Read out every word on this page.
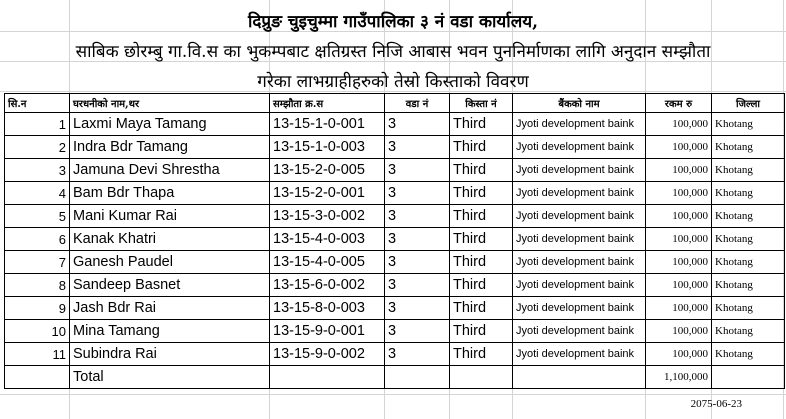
दिप्रुङ चुइचुम्मा गाउँपालिका ३ नं वडा कार्यालय,
साबिक छोरम्बु गा.वि.स का भुकम्पबाट क्षतिग्रस्त निजि आबास भवन पुननिर्माणका लागि अनुदान सम्झौता
गरेका लाभग्राहीहरुको तेस्रो किस्ताको विवरण
सि.न	घरधनीको नाम,थर	सम्झौता क्र.स	वडा नं	किस्ता नं	बैंकको नाम	रकम रु	जिल्ला
1	Laxmi Maya Tamang	13-15-1-0-001	3	Third	Jyoti development baink	100,000	Khotang
2	Indra Bdr Tamang	13-15-1-0-003	3	Third	Jyoti development baink	100,000	Khotang
3	Jamuna Devi Shrestha	13-15-2-0-005	3	Third	Jyoti development baink	100,000	Khotang
4	Bam Bdr Thapa	13-15-2-0-001	3	Third	Jyoti development baink	100,000	Khotang
5	Mani Kumar Rai	13-15-3-0-002	3	Third	Jyoti development baink	100,000	Khotang
6	Kanak Khatri	13-15-4-0-003	3	Third	Jyoti development baink	100,000	Khotang
7	Ganesh Paudel	13-15-4-0-005	3	Third	Jyoti development baink	100,000	Khotang
8	Sandeep Basnet	13-15-6-0-002	3	Third	Jyoti development baink	100,000	Khotang
9	Jash Bdr Rai	13-15-8-0-003	3	Third	Jyoti development baink	100,000	Khotang
10	Mina Tamang	13-15-9-0-001	3	Third	Jyoti development baink	100,000	Khotang
11	Subindra Rai	13-15-9-0-002	3	Third	Jyoti development baink	100,000	Khotang
	Total					1,100,000	
2075-06-23
